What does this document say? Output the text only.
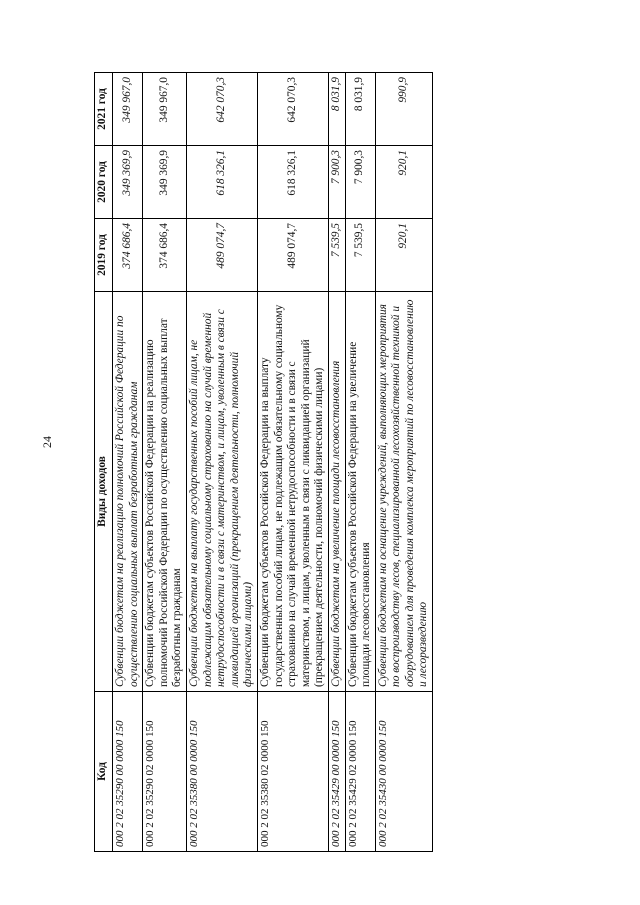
24
Код	Виды доходов	2019 год	2020 год	2021 год
000 2 02 35290 00 0000 150	Субвенции бюджетам на реализацию полномочий Российской Федерации по осуществлению социальных выплат безработным гражданам	374 686,4	349 369,9	349 967,0
000 2 02 35290 02 0000 150	Субвенции бюджетам субъектов Российской Федерации на реализацию полномочий Российской Федерации по осуществлению социальных выплат безработным гражданам	374 686,4	349 369,9	349 967,0
000 2 02 35380 00 0000 150	Субвенции бюджетам на выплату государственных пособий лицам, не подлежащим обязательному социальному страхованию на случай временной нетрудоспособности и в связи с материнством, и лицам, уволенным в связи с ликвидацией организаций (прекращением деятельности, полномочий физическими лицами)	489 074,7	618 326,1	642 070,3
000 2 02 35380 02 0000 150	Субвенции бюджетам субъектов Российской Федерации на выплату государственных пособий лицам, не подлежащим обязательному социальному страхованию на случай временной нетрудоспособности и в связи с материнством, и лицам, уволенным в связи с ликвидацией организаций (прекращением деятельности, полномочий физическими лицами)	489 074,7	618 326,1	642 070,3
000 2 02 35429 00 0000 150	Субвенции бюджетам на увеличение площади лесовосстановления	7 539,5	7 900,3	8 031,9
000 2 02 35429 02 0000 150	Субвенции бюджетам субъектов Российской Федерации на увеличение площади лесовосстановления	7 539,5	7 900,3	8 031,9
000 2 02 35430 00 0000 150	Субвенции бюджетам на оснащение учреждений, выполняющих мероприятия по воспроизводству лесов, специализированной лесохозяйственной техникой и оборудованием для проведения комплекса мероприятий по лесовосстановлению и лесоразведению	920,1	920,1	990,9
